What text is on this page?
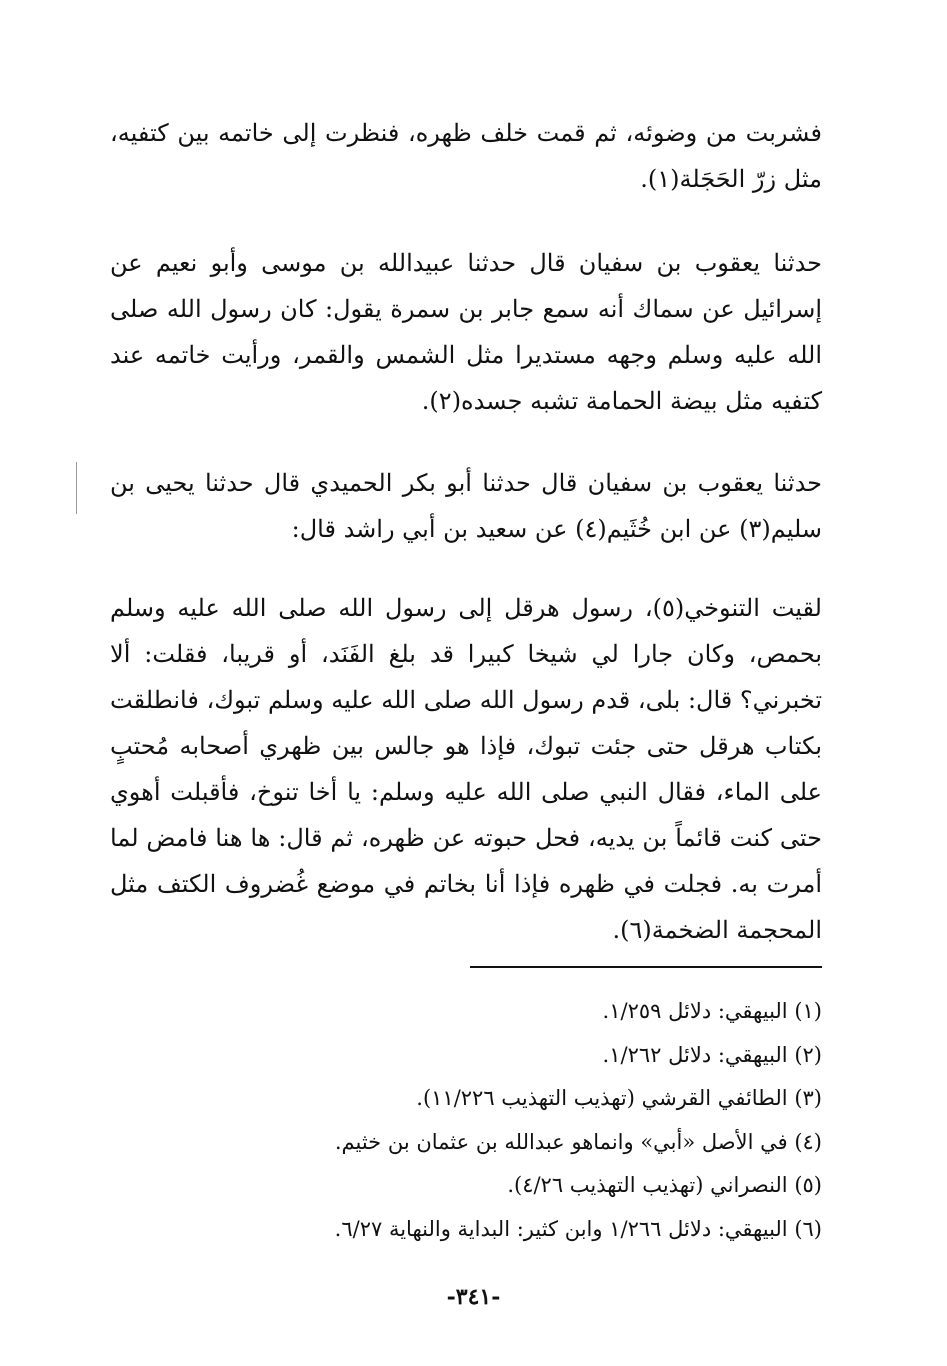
فشربت من وضوئه، ثم قمت خلف ظهره، فنظرت إلى خاتمه بين كتفيه، مثل زرّ الحَجَلة(١).

حدثنا يعقوب بن سفيان قال حدثنا عبيدالله بن موسى وأبو نعيم عن إسرائيل عن سماك أنه سمع جابر بن سمرة يقول: كان رسول الله صلى الله عليه وسلم وجهه مستديرا مثل الشمس والقمر، ورأيت خاتمه عند كتفيه مثل بيضة الحمامة تشبه جسده(٢).

حدثنا يعقوب بن سفيان قال حدثنا أبو بكر الحميدي قال حدثنا يحيى بن سليم(٣) عن ابن خُثَيم(٤) عن سعيد بن أبي راشد قال:

لقيت التنوخي(٥)، رسول هرقل إلى رسول الله صلى الله عليه وسلم بحمص، وكان جارا لي شيخا كبيرا قد بلغ الفَنَد، أو قريبا، فقلت: ألا تخبرني؟ قال: بلى، قدم رسول الله صلى الله عليه وسلم تبوك، فانطلقت بكتاب هرقل حتى جئت تبوك، فإذا هو جالس بين ظهري أصحابه مُحتبٍ على الماء، فقال النبي صلى الله عليه وسلم: يا أخا تنوخ، فأقبلت أهوي حتى كنت قائماً بن يديه، فحل حبوته عن ظهره، ثم قال: ها هنا فامض لما أمرت به. فجلت في ظهره فإذا أنا بخاتم في موضع غُضروف الكتف مثل المحجمة الضخمة(٦).

(١) البيهقي: دلائل ١/٢٥٩.
(٢) البيهقي: دلائل ١/٢٦٢.
(٣) الطائفي القرشي (تهذيب التهذيب ١١/٢٢٦).
(٤) في الأصل «أبي» وانماهو عبدالله بن عثمان بن خثيم.
(٥) النصراني (تهذيب التهذيب ٤/٢٦).
(٦) البيهقي: دلائل ١/٢٦٦ وابن كثير: البداية والنهاية ٦/٢٧.
-٣٤١-
